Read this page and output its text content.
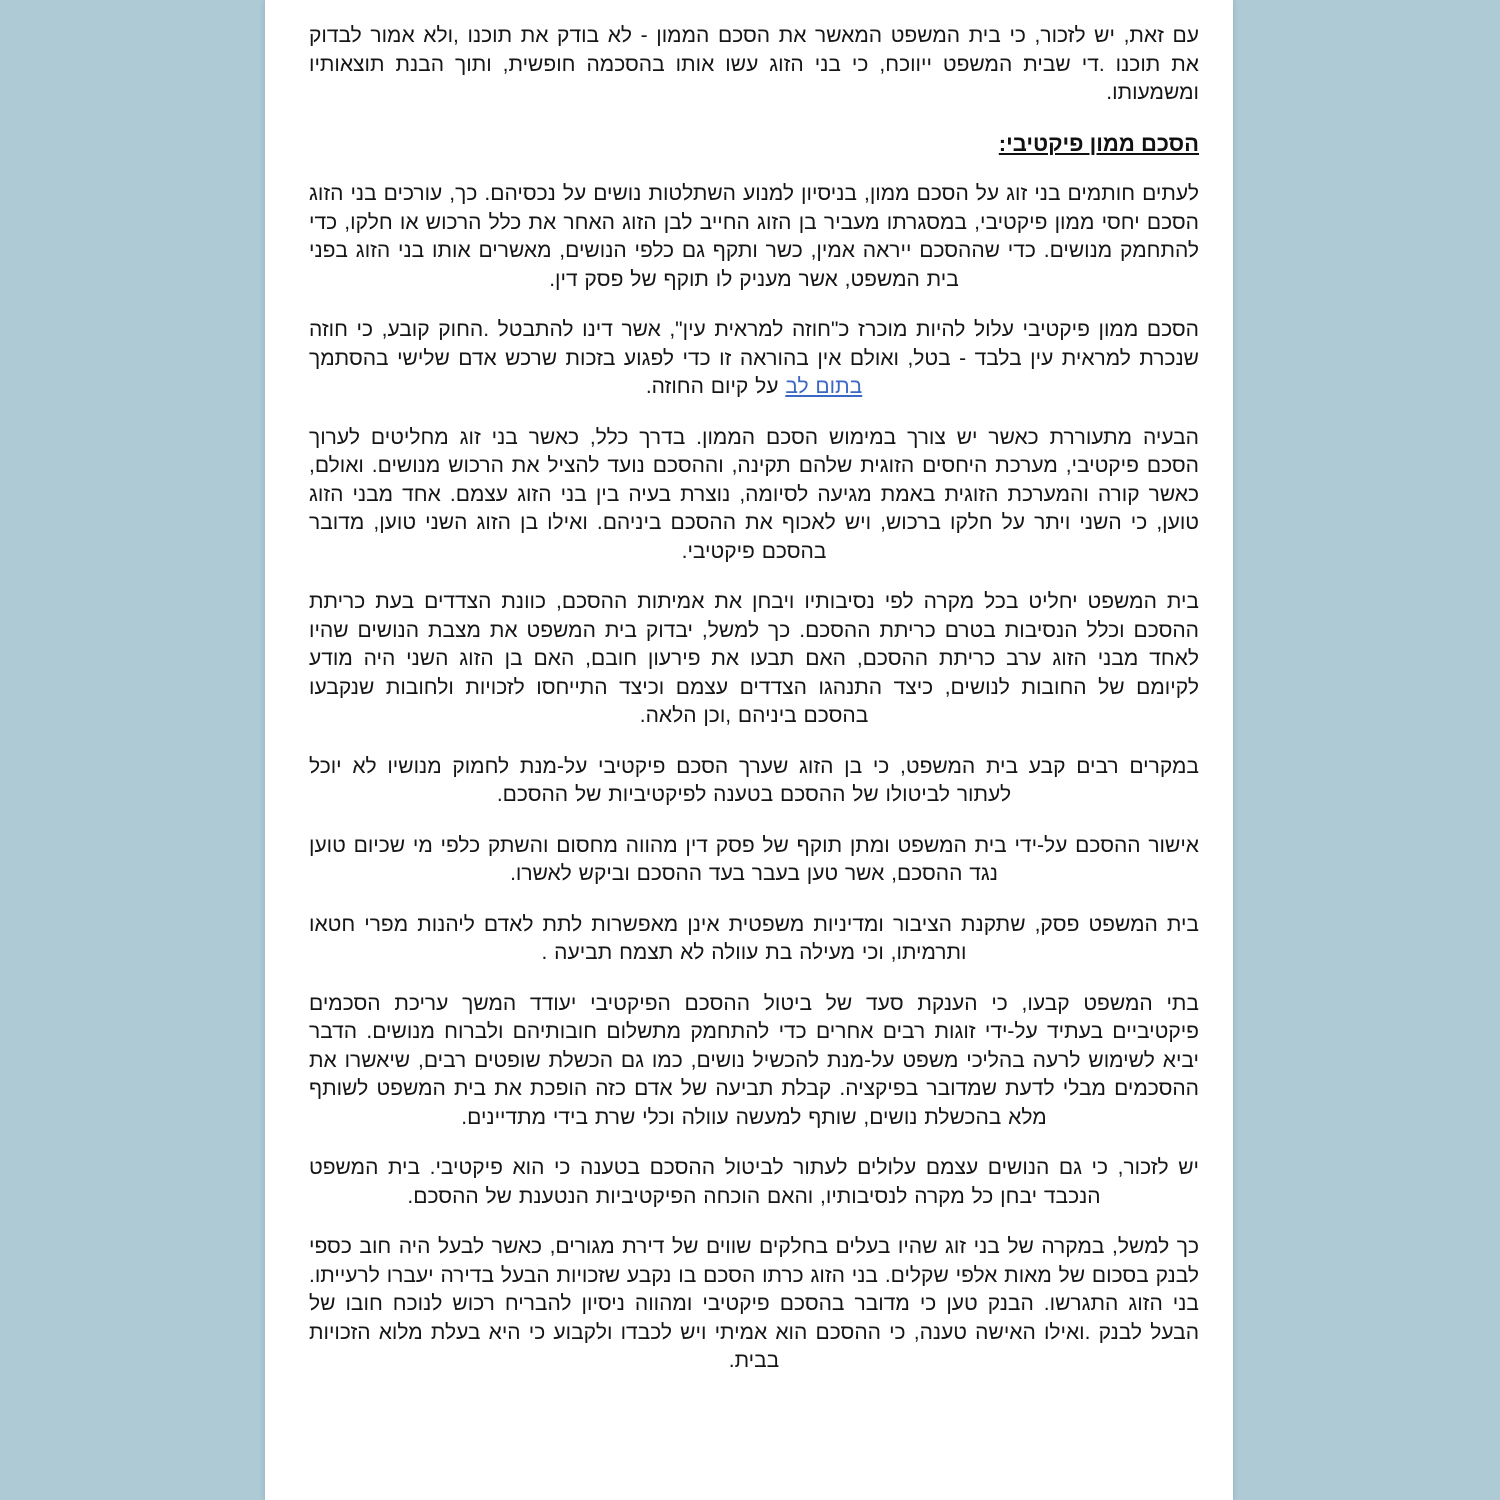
עם זאת, יש לזכור, כי בית המשפט המאשר את הסכם הממון - לא בודק את תוכנו ,ולא אמור לבדוק את תוכנו .די שבית המשפט ייווכח, כי בני הזוג עשו אותו בהסכמה חופשית, ותוך הבנת תוצאותיו ומשמעותו.

הסכם ממון פיקטיבי:

לעתים חותמים בני זוג על הסכם ממון, בניסיון למנוע השתלטות נושים על נכסיהם. כך, עורכים בני הזוג הסכם יחסי ממון פיקטיבי, במסגרתו מעביר בן הזוג החייב לבן הזוג האחר את כלל הרכוש או חלקו, כדי להתחמק מנושים. כדי שההסכם ייראה אמין, כשר ותקף גם כלפי הנושים, מאשרים אותו בני הזוג בפני בית המשפט, אשר מעניק לו תוקף של פסק דין.

הסכם ממון פיקטיבי עלול להיות מוכרז כ"חוזה למראית עין", אשר דינו להתבטל .החוק קובע, כי חוזה שנכרת למראית עין בלבד - בטל, ואולם אין בהוראה זו כדי לפגוע בזכות שרכש אדם שלישי בהסתמך בתום לב על קיום החוזה.

הבעיה מתעוררת כאשר יש צורך במימוש הסכם הממון. בדרך כלל, כאשר בני זוג מחליטים לערוך הסכם פיקטיבי, מערכת היחסים הזוגית שלהם תקינה, וההסכם נועד להציל את הרכוש מנושים. ואולם, כאשר קורה והמערכת הזוגית באמת מגיעה לסיומה, נוצרת בעיה בין בני הזוג עצמם. אחד מבני הזוג טוען, כי השני ויתר על חלקו ברכוש, ויש לאכוף את ההסכם ביניהם. ואילו בן הזוג השני טוען, מדובר בהסכם פיקטיבי.

בית המשפט יחליט בכל מקרה לפי נסיבותיו ויבחן את אמיתות ההסכם, כוונת הצדדים בעת כריתת ההסכם וכלל הנסיבות בטרם כריתת ההסכם. כך למשל, יבדוק בית המשפט את מצבת הנושים שהיו לאחד מבני הזוג ערב כריתת ההסכם, האם תבעו את פירעון חובם, האם בן הזוג השני היה מודע לקיומם של החובות לנושים, כיצד התנהגו הצדדים עצמם וכיצד התייחסו לזכויות ולחובות שנקבעו בהסכם ביניהם ,וכן הלאה.

במקרים רבים קבע בית המשפט, כי בן הזוג שערך הסכם פיקטיבי על-מנת לחמוק מנושיו לא יוכל לעתור לביטולו של ההסכם בטענה לפיקטיביות של ההסכם.

אישור ההסכם על-ידי בית המשפט ומתן תוקף של פסק דין מהווה מחסום והשתק כלפי מי שכיום טוען נגד ההסכם, אשר טען בעבר בעד ההסכם וביקש לאשרו.

בית המשפט פסק, שתקנת הציבור ומדיניות משפטית אינן מאפשרות לתת לאדם ליהנות מפרי חטאו ותרמיתו, וכי מעילה בת עוולה לא תצמח תביעה .

בתי המשפט קבעו, כי הענקת סעד של ביטול ההסכם הפיקטיבי יעודד המשך עריכת הסכמים פיקטיביים בעתיד על-ידי זוגות רבים אחרים כדי להתחמק מתשלום חובותיהם ולברוח מנושים. הדבר יביא לשימוש לרעה בהליכי משפט על-מנת להכשיל נושים, כמו גם הכשלת שופטים רבים, שיאשרו את ההסכמים מבלי לדעת שמדובר בפיקציה. קבלת תביעה של אדם כזה הופכת את בית המשפט לשותף מלא בהכשלת נושים, שותף למעשה עוולה וכלי שרת בידי מתדיינים.

יש לזכור, כי גם הנושים עצמם עלולים לעתור לביטול ההסכם בטענה כי הוא פיקטיבי. בית המשפט הנכבד יבחן כל מקרה לנסיבותיו, והאם הוכחה הפיקטיביות הנטענת של ההסכם.

כך למשל, במקרה של בני זוג שהיו בעלים בחלקים שווים של דירת מגורים, כאשר לבעל היה חוב כספי לבנק בסכום של מאות אלפי שקלים. בני הזוג כרתו הסכם בו נקבע שזכויות הבעל בדירה יעברו לרעייתו. בני הזוג התגרשו. הבנק טען כי מדובר בהסכם פיקטיבי ומהווה ניסיון להבריח רכוש לנוכח חובו של הבעל לבנק .ואילו האישה טענה, כי ההסכם הוא אמיתי ויש לכבדו ולקבוע כי היא בעלת מלוא הזכויות בבית.
